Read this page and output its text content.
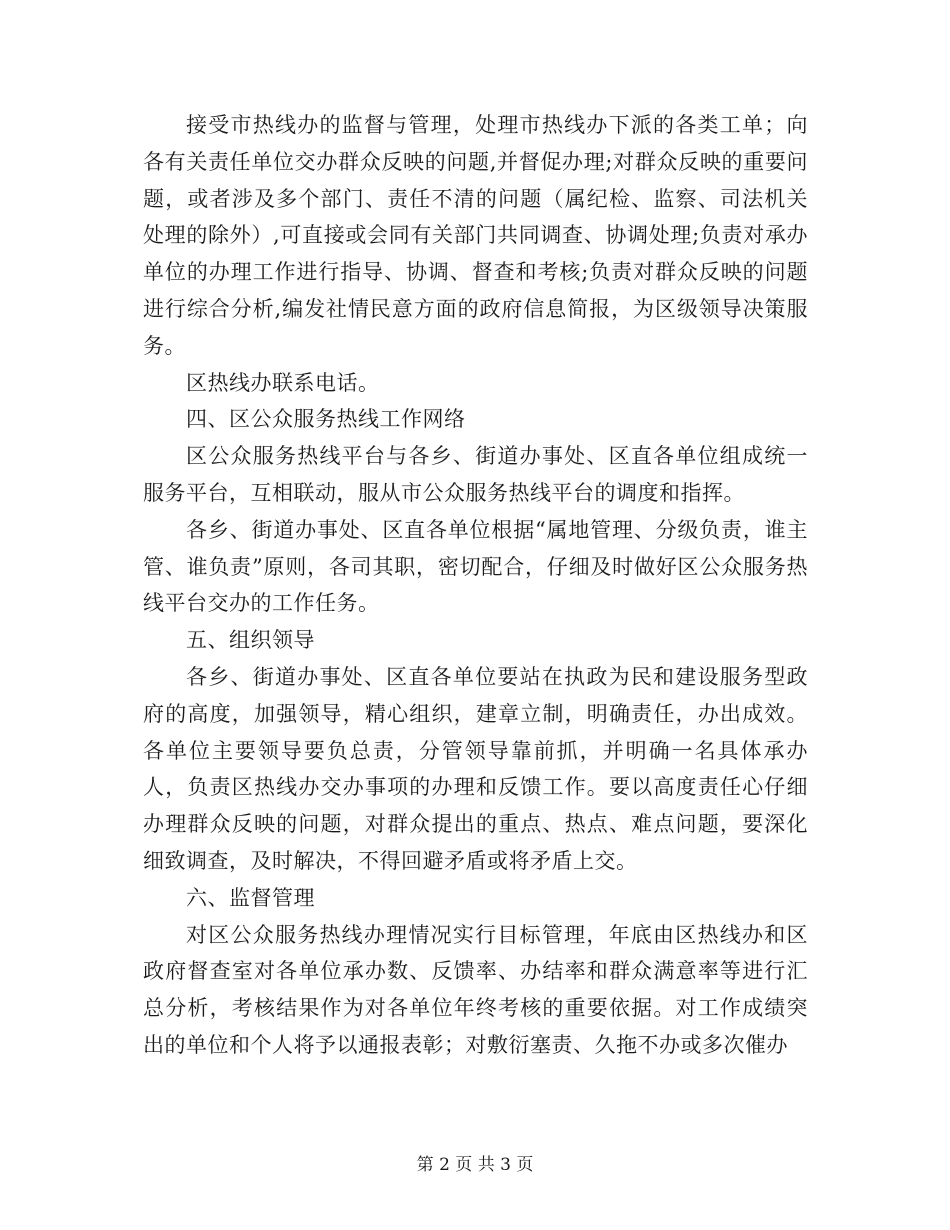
接受市热线办的监督与管理，处理市热线办下派的各类工单；向各有关责任单位交办群众反映的问题,并督促办理;对群众反映的重要问题，或者涉及多个部门、责任不清的问题（属纪检、监察、司法机关处理的除外）,可直接或会同有关部门共同调查、协调处理;负责对承办单位的办理工作进行指导、协调、督查和考核;负责对群众反映的问题进行综合分析,编发社情民意方面的政府信息简报，为区级领导决策服务。

区热线办联系电话。

四、区公众服务热线工作网络

区公众服务热线平台与各乡、街道办事处、区直各单位组成统一服务平台，互相联动，服从市公众服务热线平台的调度和指挥。

各乡、街道办事处、区直各单位根据“属地管理、分级负责，谁主管、谁负责”原则，各司其职，密切配合，仔细及时做好区公众服务热线平台交办的工作任务。

五、组织领导

各乡、街道办事处、区直各单位要站在执政为民和建设服务型政府的高度，加强领导，精心组织，建章立制，明确责任，办出成效。各单位主要领导要负总责，分管领导靠前抓，并明确一名具体承办人，负责区热线办交办事项的办理和反馈工作。要以高度责任心仔细办理群众反映的问题，对群众提出的重点、热点、难点问题，要深化细致调查，及时解决，不得回避矛盾或将矛盾上交。

六、监督管理

对区公众服务热线办理情况实行目标管理，年底由区热线办和区政府督查室对各单位承办数、反馈率、办结率和群众满意率等进行汇总分析，考核结果作为对各单位年终考核的重要依据。对工作成绩突出的单位和个人将予以通报表彰；对敷衍塞责、久拖不办或多次催办

第 2 页 共 3 页
